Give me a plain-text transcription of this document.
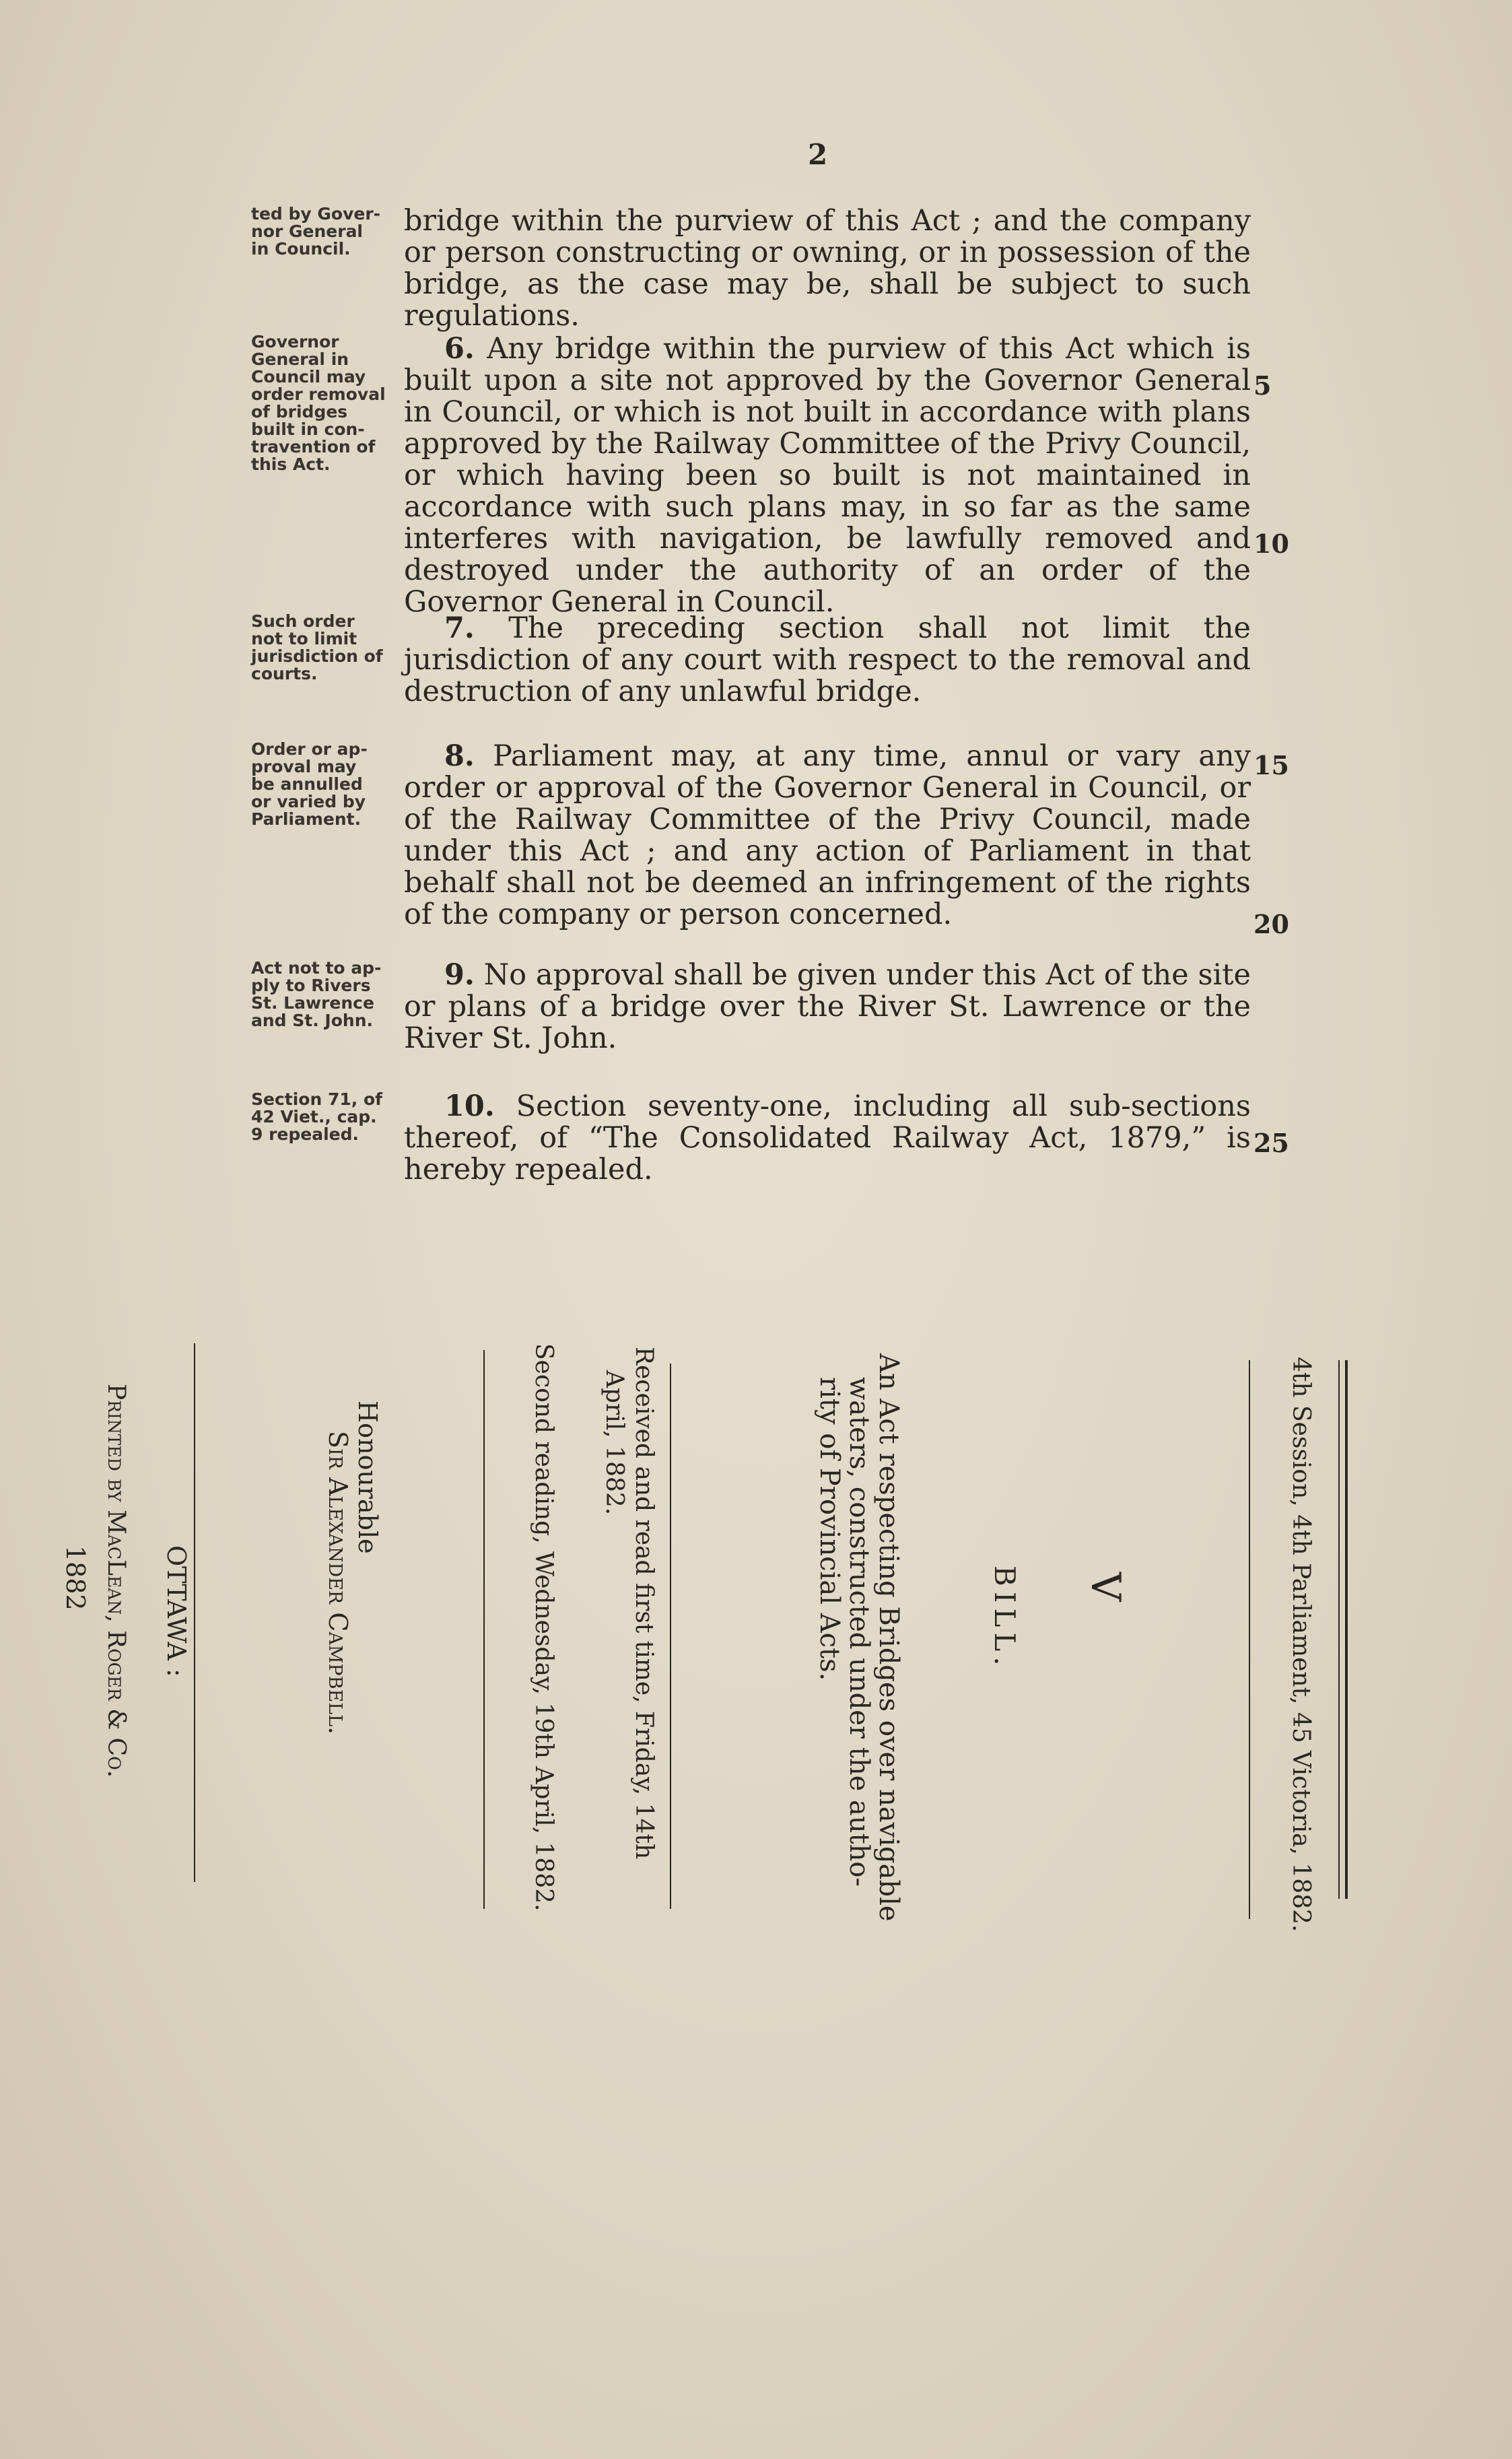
2
ted by Gover-
nor General
in Council.
bridge within the purview of this Act ; and the company or person constructing or owning, or in possession of the bridge, as the case may be, shall be subject to such regulations.
Governor
General in
Council may
order removal
of bridges
built in con-
travention of
this Act.
6. Any bridge within the purview of this Act which is built upon a site not approved by the Governor General in Council, or which is not built in accordance with plans approved by the Railway Committee of the Privy Council, or which having been so built is not maintained in accordance with such plans may, in so far as the same interferes with navigation, be lawfully removed and destroyed under the authority of an order of the Governor General in Council.
5
10
Such order
not to limit
jurisdiction of
courts.
7. The preceding section shall not limit the jurisdiction of any court with respect to the removal and destruction of any unlawful bridge.
Order or ap-
proval may
be annulled
or varied by
Parliament.
8. Parliament may, at any time, annul or vary any order or approval of the Governor General in Council, or of the Railway Committee of the Privy Council, made under this Act ; and any action of Parliament in that behalf shall not be deemed an infringement of the rights of the company or person concerned.
15
20
Act not to ap-
ply to Rivers
St. Lawrence
and St. John.
9. No approval shall be given under this Act of the site or plans of a bridge over the River St. Lawrence or the River St. John.
Section 71, of
42 Viet., cap.
9 repealed.
10. Section seventy-one, including all sub-sections thereof, of “The Consolidated Railway Act, 1879,” is hereby repealed.
25
4th Session, 4th Parliament, 45 Victoria, 1882.
V
BILL.
An Act respecting Bridges over navigable
waters, constructed under the autho-
rity of Provincial Acts.
Received and read first time, Friday, 14th
April, 1882.
Second reading, Wednesday, 19th April, 1882.
Honourable
Sir Alexander Campbell.
OTTAWA :
Printed by MacLean, Roger & Co.
1882
